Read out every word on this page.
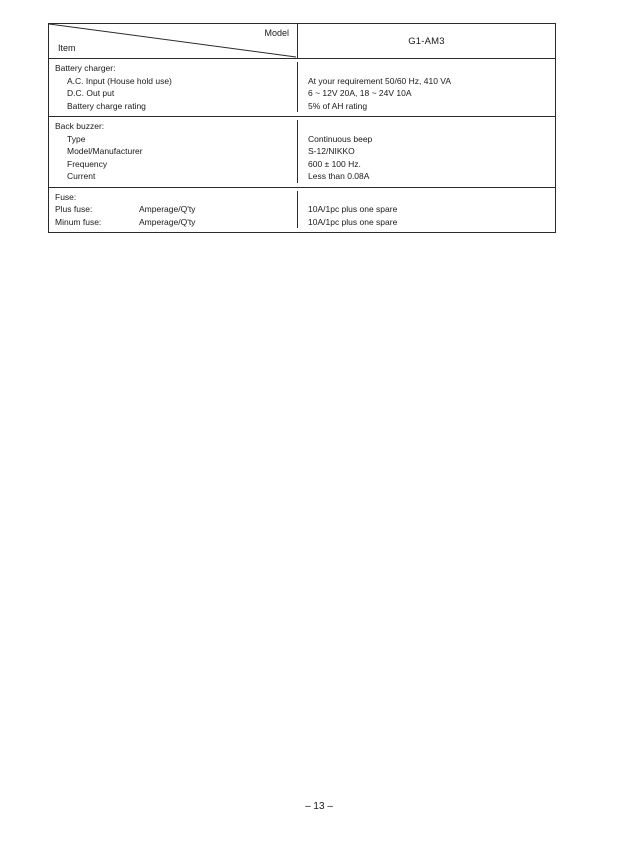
Model
Item
G1-AM3
Battery charger:
A.C. Input (House hold use)
D.C. Out put
Battery charge rating
At your requirement 50/60 Hz, 410 VA
6 ~ 12V 20A, 18 ~ 24V 10A
5% of AH rating
Back buzzer:
Type
Model/Manufacturer
Frequency
Current
Continuous beep
S-12/NIKKO
600 ± 100 Hz.
Less than 0.08A
Fuse:
Plus fuse:	Amperage/Q'ty
Minum fuse:	Amperage/Q'ty
10A/1pc plus one spare
10A/1pc plus one spare
– 13 –
